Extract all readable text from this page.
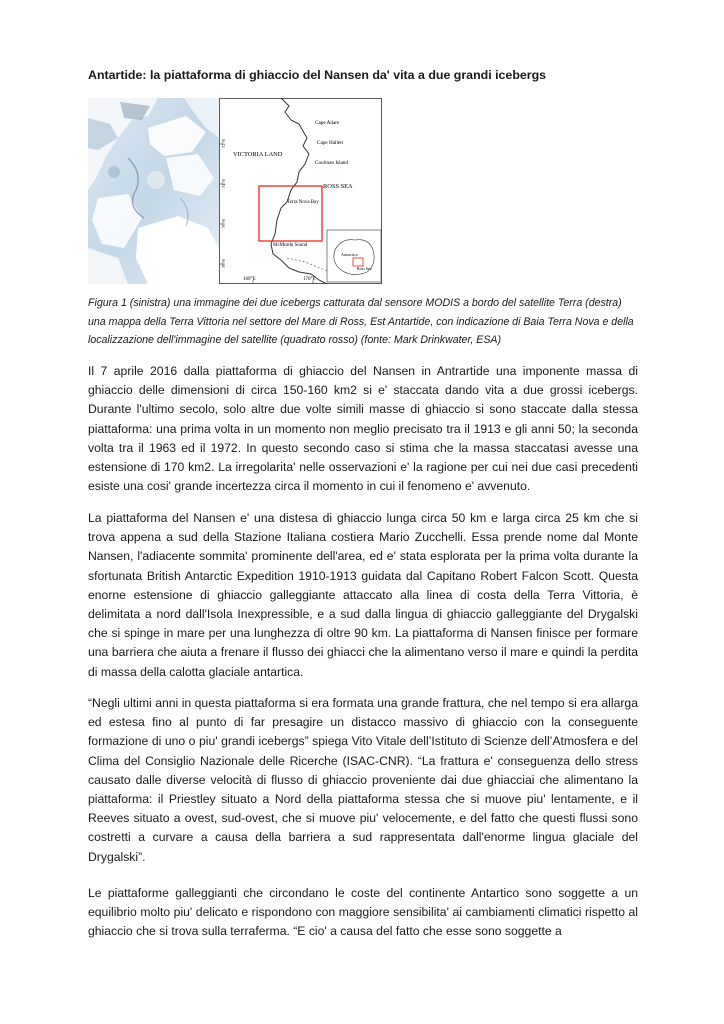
Antartide: la piattaforma di ghiaccio del Nansen da' vita a due grandi icebergs
Cape Adare
Cape Hallett
VICTORIA LAND
Coulman Island
ROSS SEA
Terra Nova Bay
McMurdo Sound
Antarctica
Ross Sea
160°E	170°E
72°S
74°S
76°S
78°S
Figura 1 (sinistra) una immagine dei due icebergs catturata dal sensore MODIS a bordo del satellite Terra (destra) una mappa della Terra Vittoria nel settore del Mare di Ross, Est Antartide, con indicazione di Baia Terra Nova e della localizzazione dell'immagine del satellite (quadrato rosso) (fonte: Mark Drinkwater, ESA)
Il 7 aprile 2016 dalla piattaforma di ghiaccio del Nansen in Antrartide una imponente massa di ghiaccio delle dimensioni di circa 150-160 km2 si e' staccata dando vita a due grossi icebergs. Durante l'ultimo secolo, solo altre due volte simili masse di ghiaccio si sono staccate dalla stessa piattaforma: una prima volta in un momento non meglio precisato tra il 1913 e gli anni 50; la seconda volta tra il 1963 ed il 1972. In questo secondo caso si stima che la massa staccatasi avesse una estensione di 170 km2. La irregolarita' nelle osservazioni e' la ragione per cui nei due casi precedenti esiste una cosi' grande incertezza circa il momento in cui il fenomeno e' avvenuto.
La piattaforma del Nansen e' una distesa di ghiaccio lunga circa 50 km e larga circa 25 km che si trova appena a sud della Stazione Italiana costiera Mario Zucchelli. Essa prende nome dal Monte Nansen, l'adiacente sommita' prominente dell'area, ed e' stata esplorata per la prima volta durante la sfortunata British Antarctic Expedition 1910-1913 guidata dal Capitano Robert Falcon Scott. Questa enorne estensione di ghiaccio galleggiante attaccato alla linea di costa della Terra Vittoria, è delimitata a nord dall'Isola Inexpressible, e a sud dalla lingua di ghiaccio galleggiante del Drygalski che si spinge in mare per una lunghezza di oltre 90 km. La piattaforma di Nansen finisce per formare una barriera che aiuta a frenare il flusso dei ghiacci che la alimentano verso il mare e quindi la perdita di massa della calotta glaciale antartica.
“Negli ultimi anni in questa piattaforma si era formata una grande frattura, che nel tempo si era allarga ed estesa fino al punto di far presagire un distacco massivo di ghiaccio con la conseguente formazione di uno o piu' grandi icebergs” spiega Vito Vitale dell’Istituto di Scienze dell’Atmosfera e del Clima del Consiglio Nazionale delle Ricerche (ISAC-CNR). “La frattura e' conseguenza dello stress causato dalle diverse velocità di flusso di ghiaccio proveniente dai due ghiacciai che alimentano la piattaforma: il Priestley situato a Nord della piattaforma stessa che si muove piu' lentamente, e il Reeves situato a ovest, sud-ovest, che si muove piu' velocemente, e del fatto che questi flussi sono costretti a curvare a causa della barriera a sud rappresentata dall'enorme lingua glaciale del Drygalski”.
Le piattaforme galleggianti che circondano le coste del continente Antartico sono soggette a un equilibrio molto piu' delicato e rispondono con maggiore sensibilita' ai cambiamenti climatici rispetto al ghiaccio che si trova sulla terraferma. “E cio' a causa del fatto che esse sono soggette a
